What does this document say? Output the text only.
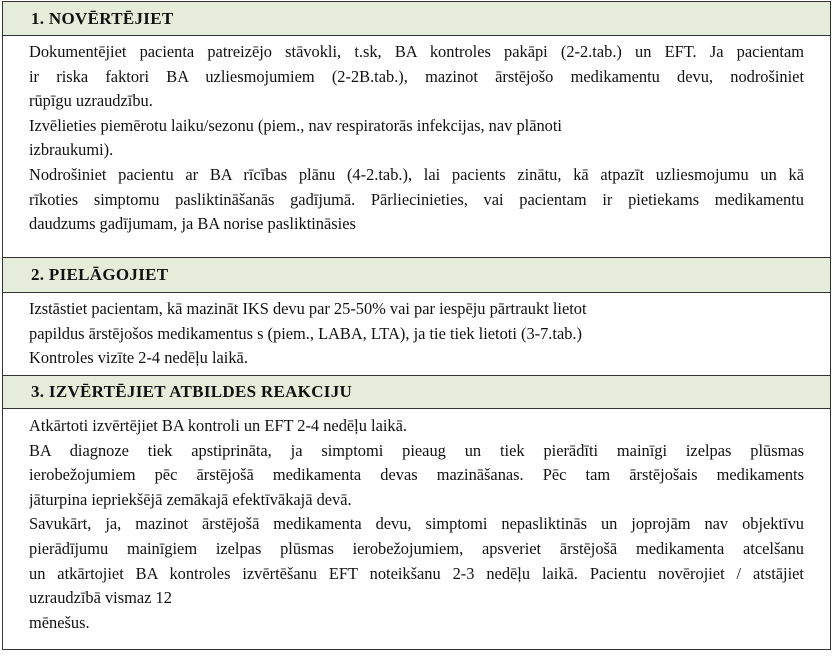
1. NOVĒRTĒJIET
Dokumentējiet pacienta patreizējo stāvokli, t.sk, BA kontroles pakāpi (2-2.tab.) un EFT. Ja pacientam
ir riska faktori BA uzliesmojumiem (2-2B.tab.), mazinot ārstējošo medikamentu devu, nodrošiniet
rūpīgu uzraudzību.
Izvēlieties piemērotu laiku/sezonu (piem., nav respiratorās infekcijas, nav plānoti
izbraukumi).
Nodrošiniet pacientu ar BA rīcības plānu (4-2.tab.), lai pacients zinātu, kā atpazīt uzliesmojumu un kā
rīkoties simptomu pasliktināšanās gadījumā. Pārliecinieties, vai pacientam ir pietiekams medikamentu
daudzums gadījumam, ja BA norise pasliktināsies
2. PIELĀGOJIET
Izstāstiet pacientam, kā mazināt IKS devu par 25-50% vai par iespēju pārtraukt lietot
papildus ārstējošos medikamentus s (piem., LABA, LTA), ja tie tiek lietoti (3-7.tab.)
Kontroles vizīte 2-4 nedēļu laikā.
3. IZVĒRTĒJIET ATBILDES REAKCIJU
Atkārtoti izvērtējiet BA kontroli un EFT 2-4 nedēļu laikā.
BA diagnoze tiek apstiprināta, ja simptomi pieaug un tiek pierādīti mainīgi izelpas plūsmas
ierobežojumiem pēc ārstējošā medikamenta devas mazināšanas. Pēc tam ārstējošais medikaments
jāturpina iepriekšējā zemākajā efektīvākajā devā.
Savukārt, ja, mazinot ārstējošā medikamenta devu, simptomi nepasliktinās un joprojām nav objektīvu
pierādījumu mainīgiem izelpas plūsmas ierobežojumiem, apsveriet ārstējošā medikamenta atcelšanu
un atkārtojiet BA kontroles izvērtēšanu EFT noteikšanu 2-3 nedēļu laikā. Pacientu novērojiet / atstājiet
uzraudzībā vismaz 12
mēnešus.
